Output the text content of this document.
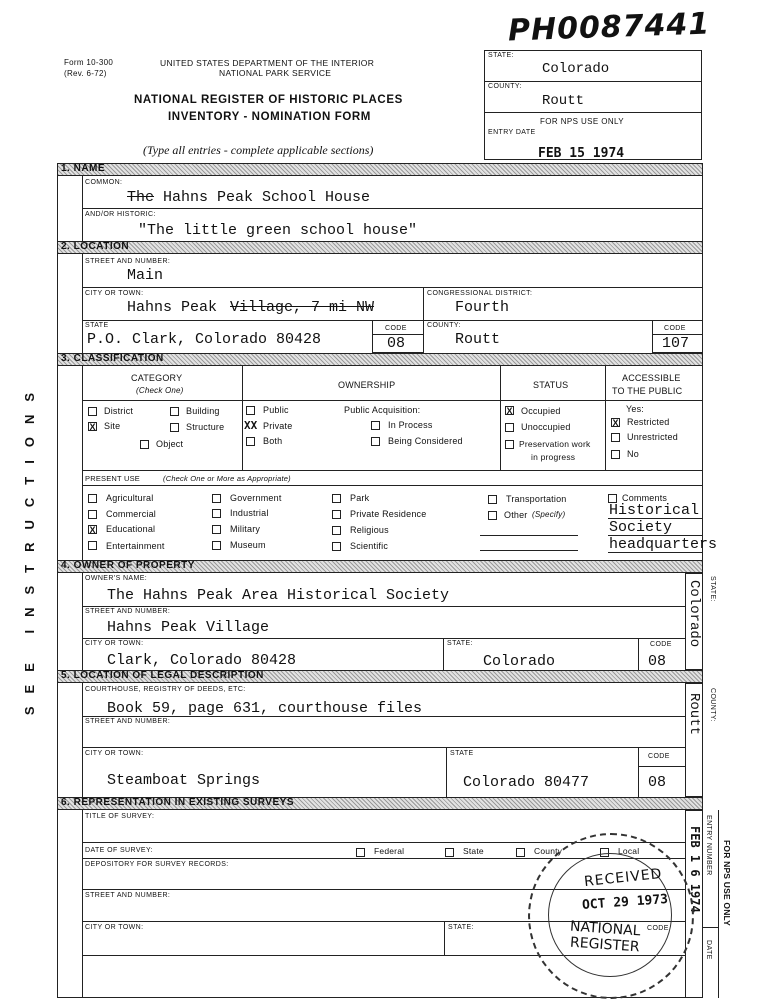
PH0087441
Form 10-300
(Rev. 6-72)
UNITED STATES DEPARTMENT OF THE INTERIOR
NATIONAL PARK SERVICE
NATIONAL REGISTER OF HISTORIC PLACES
INVENTORY - NOMINATION FORM
(Type all entries - complete applicable sections)
SEE INSTRUCTIONS
STATE:
Colorado
COUNTY:
Routt
FOR NPS USE ONLY
ENTRY DATE
FEB 15 1974
1. NAME
COMMON:
The Hahns Peak School House
AND/OR HISTORIC:
"The little green school house"
2. LOCATION
STREET AND NUMBER:
Main
CITY OR TOWN:
Hahns Peak Village, 7 mi NW
CONGRESSIONAL DISTRICT:
Fourth
STATE
P.O. Clark, Colorado 80428
CODE
08
COUNTY:
Routt
CODE
107
3. CLASSIFICATION
CATEGORY
(Check One)
OWNERSHIP	STATUS
ACCESSIBLE
TO THE PUBLIC
District	Building
X Site	Structure
Object
Public
XX Private
Both
Public Acquisition:
In Process
Being Considered
X Occupied
Unoccupied
Preservation work
in progress
Yes:
X Restricted
Unrestricted
No
PRESENT USE	(Check One or More as Appropriate)
Agricultural	Government	Park	Transportation	Comments
Commercial	Industrial	Private Residence	Other (Specify)
X Educational	Military	Religious
Entertainment	Museum	Scientific
Historical
Society
headquarters
4. OWNER OF PROPERTY
OWNER'S NAME:
The Hahns Peak Area Historical Society
STREET AND NUMBER:
Hahns Peak Village
CITY OR TOWN:
Clark, Colorado 80428
STATE:
Colorado
CODE
08
STATE:
Colorado
5. LOCATION OF LEGAL DESCRIPTION
COURTHOUSE, REGISTRY OF DEEDS, ETC:
Book 59, page 631, courthouse files
STREET AND NUMBER:
CITY OR TOWN:
Steamboat Springs
STATE
Colorado 80477
CODE
08
COUNTY:
Routt
6. REPRESENTATION IN EXISTING SURVEYS
TITLE OF SURVEY:
DATE OF SURVEY:	Federal	State	County	Local
DEPOSITORY FOR SURVEY RECORDS:
STREET AND NUMBER:
CITY OR TOWN:	STATE:	CODE
ENTRY NUMBER
DATE
FOR NPS USE ONLY
FEB 1 6 1974
RECEIVED
OCT 29 1973
NATIONAL
REGISTER
